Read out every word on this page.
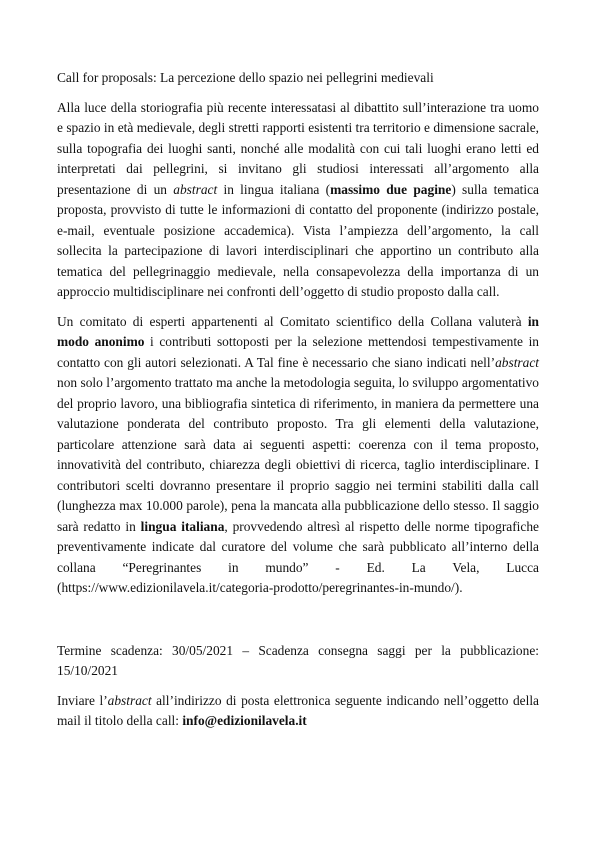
Call for proposals: La percezione dello spazio nei pellegrini medievali

Alla luce della storiografia più recente interessatasi al dibattito sull’interazione tra uomo e spazio in età medievale, degli stretti rapporti esistenti tra territorio e dimensione sacrale, sulla topografia dei luoghi santi, nonché alle modalità con cui tali luoghi erano letti ed interpretati dai pellegrini, si invitano gli studiosi interessati all’argomento alla presentazione di un abstract in lingua italiana (massimo due pagine) sulla tematica proposta, provvisto di tutte le informazioni di contatto del proponente (indirizzo postale, e-mail, eventuale posizione accademica). Vista l’ampiezza dell’argomento, la call sollecita la partecipazione di lavori interdisciplinari che apportino un contributo alla tematica del pellegrinaggio medievale, nella consapevolezza della importanza di un approccio multidisciplinare nei confronti dell’oggetto di studio proposto dalla call.

Un comitato di esperti appartenenti al Comitato scientifico della Collana valuterà in modo anonimo i contributi sottoposti per la selezione mettendosi tempestivamente in contatto con gli autori selezionati. A Tal fine è necessario che siano indicati nell’abstract non solo l’argomento trattato ma anche la metodologia seguita, lo sviluppo argomentativo del proprio lavoro, una bibliografia sintetica di riferimento, in maniera da permettere una valutazione ponderata del contributo proposto. Tra gli elementi della valutazione, particolare attenzione sarà data ai seguenti aspetti: coerenza con il tema proposto, innovatività del contributo, chiarezza degli obiettivi di ricerca, taglio interdisciplinare. I contributori scelti dovranno presentare il proprio saggio nei termini stabiliti dalla call (lunghezza max 10.000 parole), pena la mancata alla pubblicazione dello stesso. Il saggio sarà redatto in lingua italiana, provvedendo altresì al rispetto delle norme tipografiche preventivamente indicate dal curatore del volume che sarà pubblicato all’interno della collana “Peregrinantes in mundo” - Ed. La Vela, Lucca (https://www.edizionilavela.it/categoria-prodotto/peregrinantes-in-mundo/).

Termine scadenza: 30/05/2021 – Scadenza consegna saggi per la pubblicazione: 15/10/2021

Inviare l’abstract all’indirizzo di posta elettronica seguente indicando nell’oggetto della mail il titolo della call: info@edizionilavela.it
